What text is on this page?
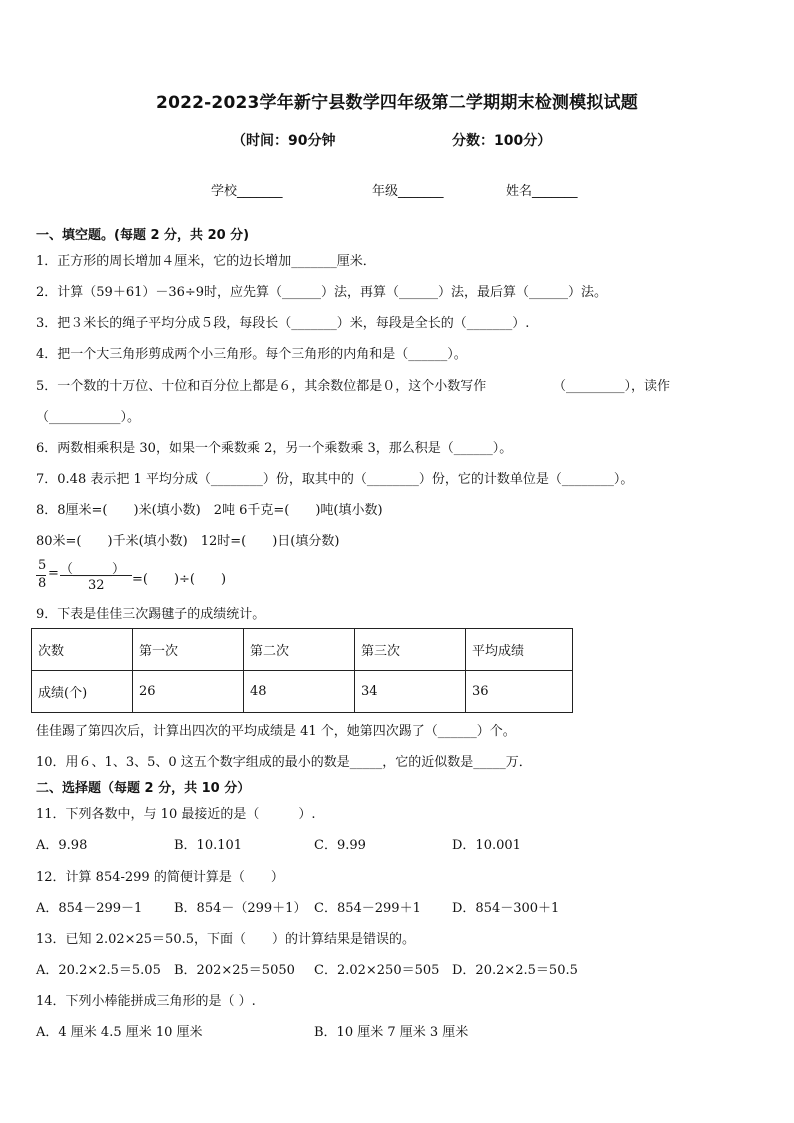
2022-2023学年新宁县数学四年级第二学期期末检测模拟试题
（时间：90分钟	分数：100分）
学校_______	年级_______	姓名_______
一、填空题。(每题 2 分，共 20 分)
1．正方形的周长增加４厘米，它的边长增加_______厘米．
2．计算（59＋61）－36÷9时，应先算（______）法，再算（______）法，最后算（______）法。
3．把３米长的绳子平均分成５段，每段长（_______）米，每段是全长的（_______）.
4．把一个大三角形剪成两个小三角形。每个三角形的内角和是（______）。
5．一个数的十万位、十位和百分位上都是６，其余数位都是０，这个小数写作	（_________），读作
（___________）。
6．两数相乘积是 30，如果一个乘数乘 2，另一个乘数乘 3，那么积是（______）。
7．0.48 表示把 1 平均分成（________）份，取其中的（________）份，它的计数单位是（________）。
8．8厘米=(　　)米(填小数)　2吨 6千克=(　　)吨(填小数)
80米=(　　)千米(填小数)　12时=(　　)日(填分数)
5
8
= （______）
32 =(　　)÷(　　)
9．下表是佳佳三次踢毽子的成绩统计。
次数	第一次	第二次	第三次	平均成绩
成绩(个)	26	48	34	36
佳佳踢了第四次后，计算出四次的平均成绩是 41 个，她第四次踢了（______）个。
10．用６、1、3、5、0 这五个数字组成的最小的数是_____，它的近似数是_____万．
二、选择题（每题 2 分，共 10 分）
11．下列各数中，与 10 最接近的是（　　　）.
A．9.98	B．10.101	C．9.99	D．10.001
12．计算 854-299 的简便计算是（　　）
A．854－299－1 B．854－（299＋1） C．854－299＋1 D．854－300＋1
13．已知 2.02×25＝50.5，下面（　　）的计算结果是错误的。
A．20.2×2.5＝5.05 B．202×25＝5050 C．2.02×250＝505 D．20.2×2.5＝50.5
14．下列小棒能拼成三角形的是（ ）.
A．4 厘米 4.5 厘米 10 厘米	B．10 厘米 7 厘米 3 厘米
